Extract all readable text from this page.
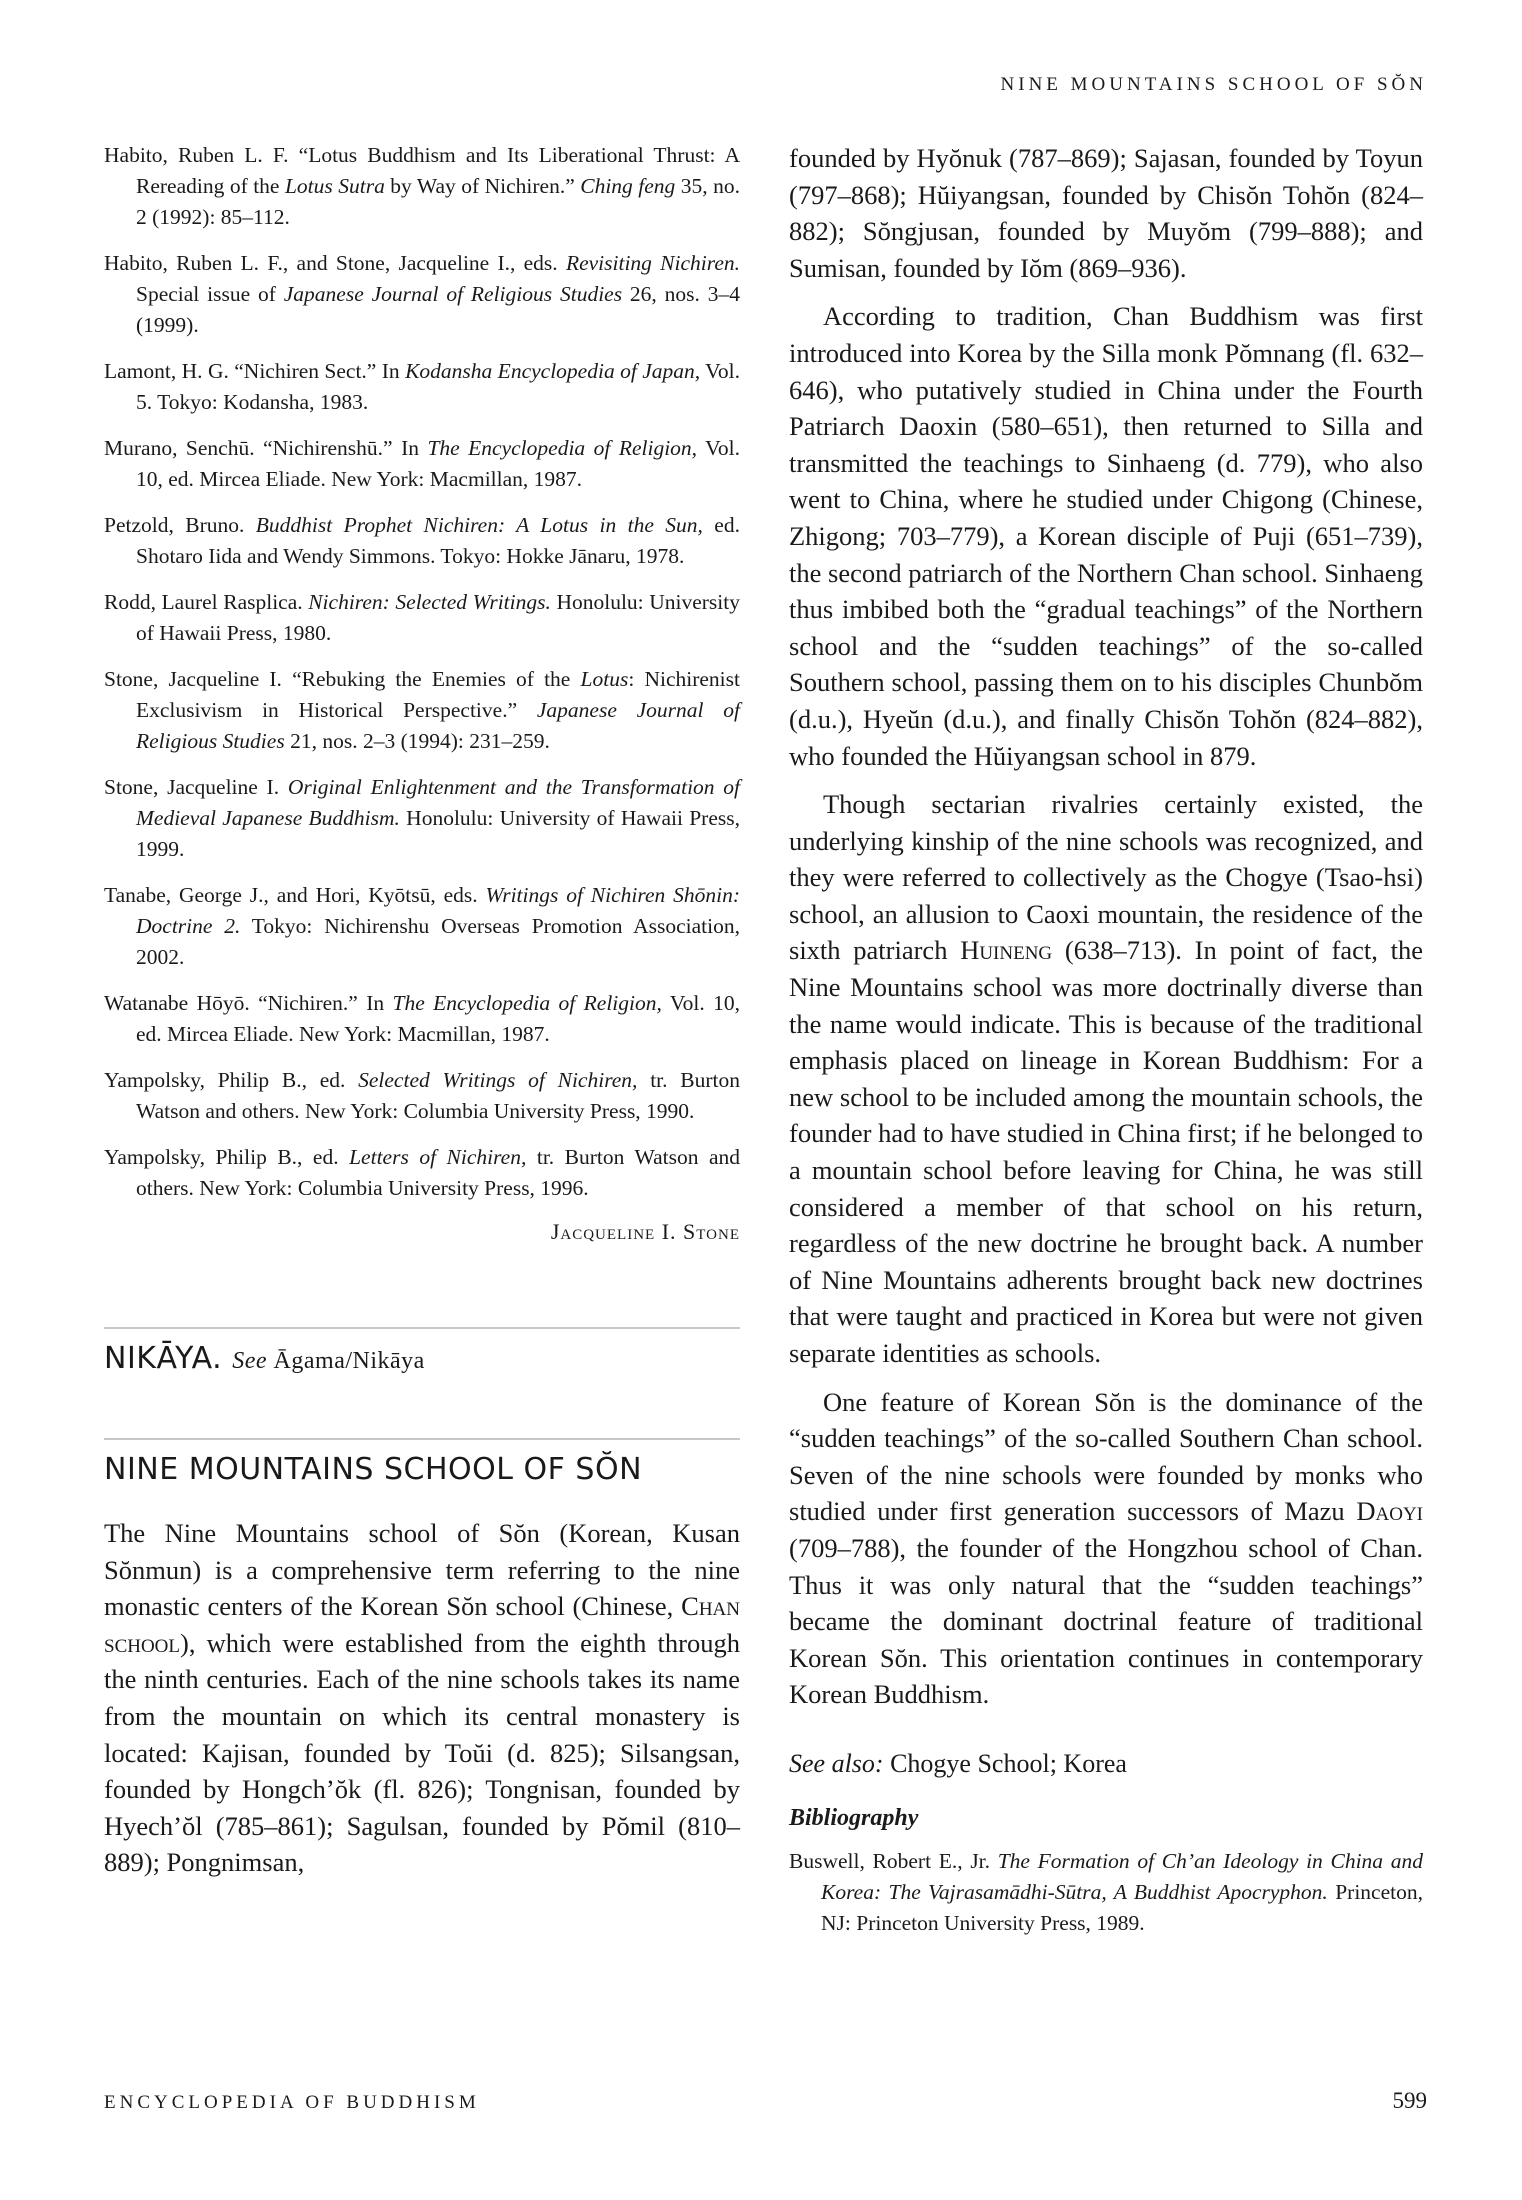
NINE MOUNTAINS SCHOOL OF SŎN

Habito, Ruben L. F. “Lotus Buddhism and Its Liberational Thrust: A Rereading of the Lotus Sutra by Way of Nichiren.” Ching feng 35, no. 2 (1992): 85–112.

Habito, Ruben L. F., and Stone, Jacqueline I., eds. Revisiting Nichiren. Special issue of Japanese Journal of Religious Studies 26, nos. 3–4 (1999).

Lamont, H. G. “Nichiren Sect.” In Kodansha Encyclopedia of Japan, Vol. 5. Tokyo: Kodansha, 1983.

Murano, Senchū. “Nichirenshū.” In The Encyclopedia of Religion, Vol. 10, ed. Mircea Eliade. New York: Macmillan, 1987.

Petzold, Bruno. Buddhist Prophet Nichiren: A Lotus in the Sun, ed. Shotaro Iida and Wendy Simmons. Tokyo: Hokke Jānaru, 1978.

Rodd, Laurel Rasplica. Nichiren: Selected Writings. Honolulu: University of Hawaii Press, 1980.

Stone, Jacqueline I. “Rebuking the Enemies of the Lotus: Nichirenist Exclusivism in Historical Perspective.” Japanese Journal of Religious Studies 21, nos. 2–3 (1994): 231–259.

Stone, Jacqueline I. Original Enlightenment and the Transformation of Medieval Japanese Buddhism. Honolulu: University of Hawaii Press, 1999.

Tanabe, George J., and Hori, Kyōtsū, eds. Writings of Nichiren Shōnin: Doctrine 2. Tokyo: Nichirenshu Overseas Promotion Association, 2002.

Watanabe Hōyō. “Nichiren.” In The Encyclopedia of Religion, Vol. 10, ed. Mircea Eliade. New York: Macmillan, 1987.

Yampolsky, Philip B., ed. Selected Writings of Nichiren, tr. Burton Watson and others. New York: Columbia University Press, 1990.

Yampolsky, Philip B., ed. Letters of Nichiren, tr. Burton Watson and others. New York: Columbia University Press, 1996.

Jacqueline I. Stone
NIKĀYA. See Āgama/Nikāya
NINE MOUNTAINS SCHOOL OF SŎN

The Nine Mountains school of Sŏn (Korean, Kusan Sŏnmun) is a comprehensive term referring to the nine monastic centers of the Korean Sŏn school (Chinese, Chan school), which were established from the eighth through the ninth centuries. Each of the nine schools takes its name from the mountain on which its central monastery is located: Kajisan, founded by Toŭi (d. 825); Silsangsan, founded by Hongch’ŏk (fl. 826); Tongnisan, founded by Hyech’ŏl (785–861); Sagulsan, founded by Pŏmil (810–889); Pongnimsan,

founded by Hyŏnuk (787–869); Sajasan, founded by Toyun (797–868); Hŭiyangsan, founded by Chisŏn Tohŏn (824–882); Sŏngjusan, founded by Muyŏm (799–888); and Sumisan, founded by Iŏm (869–936).

According to tradition, Chan Buddhism was first introduced into Korea by the Silla monk Pŏmnang (fl. 632–646), who putatively studied in China under the Fourth Patriarch Daoxin (580–651), then returned to Silla and transmitted the teachings to Sinhaeng (d. 779), who also went to China, where he studied under Chigong (Chinese, Zhigong; 703–779), a Korean disciple of Puji (651–739), the second patriarch of the Northern Chan school. Sinhaeng thus imbibed both the “gradual teachings” of the Northern school and the “sudden teachings” of the so-called Southern school, passing them on to his disciples Chunbŏm (d.u.), Hyeŭn (d.u.), and finally Chisŏn Tohŏn (824–882), who founded the Hŭiyangsan school in 879.

Though sectarian rivalries certainly existed, the underlying kinship of the nine schools was recognized, and they were referred to collectively as the Chogye (Tsao-hsi) school, an allusion to Caoxi mountain, the residence of the sixth patriarch Huineng (638–713). In point of fact, the Nine Mountains school was more doctrinally diverse than the name would indicate. This is because of the traditional emphasis placed on lineage in Korean Buddhism: For a new school to be included among the mountain schools, the founder had to have studied in China first; if he belonged to a mountain school before leaving for China, he was still considered a member of that school on his return, regardless of the new doctrine he brought back. A number of Nine Mountains adherents brought back new doctrines that were taught and practiced in Korea but were not given separate identities as schools.

One feature of Korean Sŏn is the dominance of the “sudden teachings” of the so-called Southern Chan school. Seven of the nine schools were founded by monks who studied under first generation successors of Mazu Daoyi (709–788), the founder of the Hongzhou school of Chan. Thus it was only natural that the “sudden teachings” became the dominant doctrinal feature of traditional Korean Sŏn. This orientation continues in contemporary Korean Buddhism.

See also: Chogye School; Korea

Bibliography

Buswell, Robert E., Jr. The Formation of Ch’an Ideology in China and Korea: The Vajrasamādhi-Sūtra, A Buddhist Apocryphon. Princeton, NJ: Princeton University Press, 1989.

ENCYCLOPEDIA OF BUDDHISM	599
